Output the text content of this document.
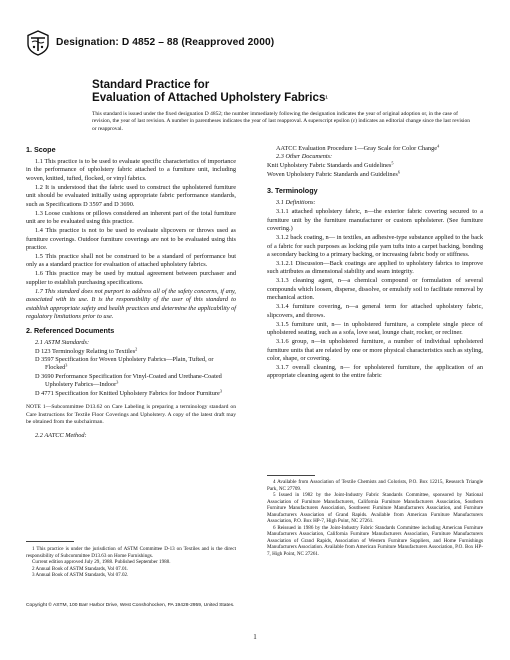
Designation: D 4852 – 88 (Reapproved 2000)
Standard Practice for
Evaluation of Attached Upholstery Fabrics$^1$
This standard is issued under the fixed designation D 4852; the number immediately following the designation indicates the year of original adoption or, in the case of revision, the year of last revision. A number in parentheses indicates the year of last reapproval. A superscript epsilon (ε) indicates an editorial change since the last revision or reapproval.
1. Scope

1.1 This practice is to be used to evaluate specific characteristics of importance in the performance of upholstery fabric attached to a furniture unit, including woven, knitted, tufted, flocked, or vinyl fabrics.

1.2 It is understood that the fabric used to construct the upholstered furniture unit should be evaluated initially using appropriate fabric performance standards, such as Specifications D 3597 and D 3690.

1.3 Loose cushions or pillows considered an inherent part of the total furniture unit are to be evaluated using this practice.

1.4 This practice is not to be used to evaluate slipcovers or throws used as furniture coverings. Outdoor furniture coverings are not to be evaluated using this practice.

1.5 This practice shall not be construed to be a standard of performance but only as a standard practice for evaluation of attached upholstery fabrics.

1.6 This practice may be used by mutual agreement between purchaser and supplier to establish purchasing specifications.

1.7 This standard does not purport to address all of the safety concerns, if any, associated with its use. It is the responsibility of the user of this standard to establish appropriate safety and health practices and determine the applicability of regulatory limitations prior to use.

2. Referenced Documents

2.1 ASTM Standards:

D 123 Terminology Relating to Textiles$^2$
D 3597 Specification for Woven Upholstery Fabrics—Plain, Tufted, or Flocked$^3$
D 3690 Performance Specification for Vinyl-Coated and Urethane-Coated Upholstery Fabrics—Indoor$^3$
D 4771 Specification for Knitted Upholstery Fabrics for Indoor Furniture$^3$
NOTE 1—Subcommittee D13.62 on Care Labeling is preparing a terminology standard on Care Instructions for Textile Floor Coverings and Upholstery. A copy of the latest draft may be obtained from the subchairman.

2.2 AATCC Method:

AATCC Evaluation Procedure 1—Gray Scale for Color Change$^4$

2.3 Other Documents:

Knit Upholstery Fabric Standards and Guidelines$^5$
Woven Upholstery Fabric Standards and Guidelines$^6$
3. Terminology

3.1 Definitions:

3.1.1 attached upholstery fabric, n—the exterior fabric covering secured to a furniture unit by the furniture manufacturer or custom upholsterer. (See furniture covering.)

3.1.2 back coating, n— in textiles, an adhesive-type substance applied to the back of a fabric for such purposes as locking pile yarn tufts into a carpet backing, bonding a secondary backing to a primary backing, or increasing fabric body or stiffness.

3.1.2.1 Discussion—Back coatings are applied to upholstery fabrics to improve such attributes as dimensional stability and seam integrity.

3.1.3 cleaning agent, n—a chemical compound or formulation of several compounds which loosen, disperse, dissolve, or emulsify soil to facilitate removal by mechanical action.

3.1.4 furniture covering, n—a general term for attached upholstery fabric, slipcovers, and throws.

3.1.5 furniture unit, n— in upholstered furniture, a complete single piece of upholstered seating, such as a sofa, love seat, lounge chair, rocker, or recliner.

3.1.6 group, n—in upholstered furniture, a number of individual upholstered furniture units that are related by one or more physical characteristics such as styling, color, shape, or covering.

3.1.7 overall cleaning, n— for upholstered furniture, the application of an appropriate cleaning agent to the entire fabric

1 This practice is under the jurisdiction of ASTM Committee D-13 on Textiles and is the direct responsibility of Subcommittee D13.63 on Home Furnishings.

Current edition approved July 29, 1988. Published September 1988.

2 Annual Book of ASTM Standards, Vol 07.01.

3 Annual Book of ASTM Standards, Vol 07.02.

4 Available from Association of Textile Chemists and Colorists, P.O. Box 12215, Research Triangle Park, NC 27709.

5 Issued in 1982 by the Joint-Industry Fabric Standards Committee, sponsored by National Association of Furniture Manufacturers, California Furniture Manufacturers Association, Southern Furniture Manufacturers Association, Southwest Furniture Manufacturers Association, and Furniture Manufacturers Association of Grand Rapids. Available from American Furniture Manufacturers Association, P.O. Box HP-7, High Point, NC 27261.

6 Reissued in 1986 by the Joint-Industry Fabric Standards Committee including American Furniture Manufacturers Association, California Furniture Manufacturers Association, Furniture Manufacturers Association of Grand Rapids, Association of Western Furniture Suppliers, and Home Furnishings Manufacturers Association. Available from American Furniture Manufacturers Association, P.O. Box HP-7, High Point, NC 27261.

Copyright © ASTM, 100 Barr Harbor Drive, West Conshohocken, PA 19428-2959, United States.
1
